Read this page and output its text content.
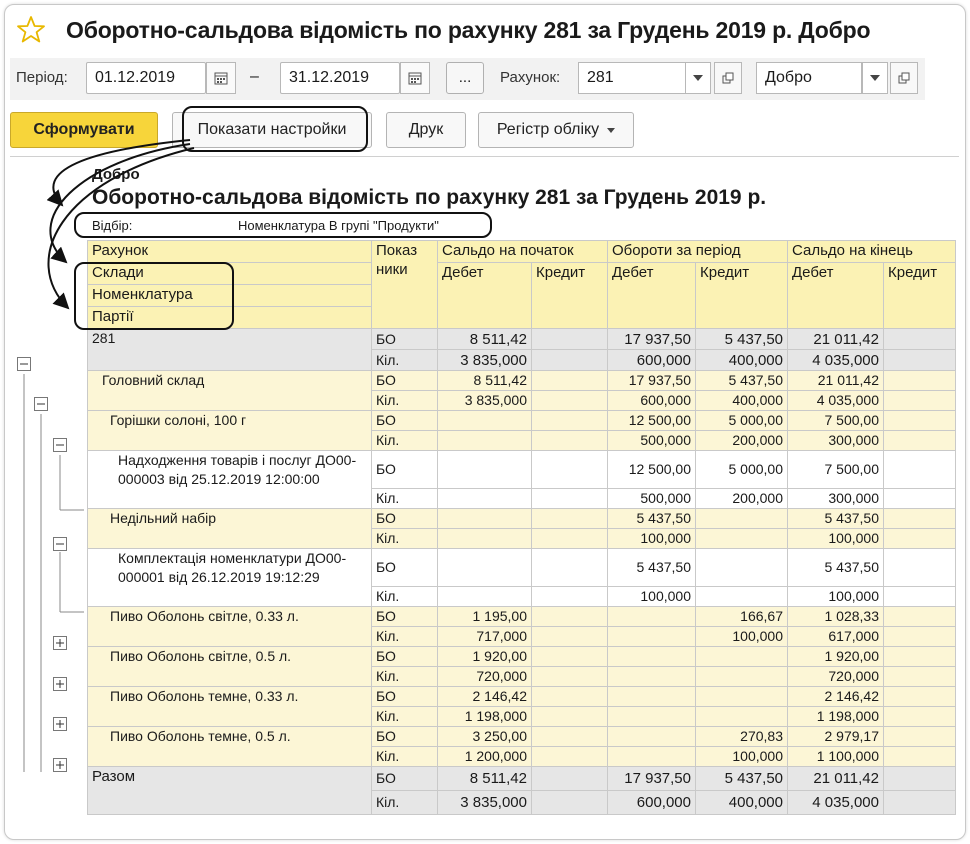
Оборотно-сальдова відомість по рахунку 281 за Грудень 2019 р. Добро
Період:	01.12.2019	–	31.12.2019	...	Рахунок:	281	Добро
Сформувати	Показати настройки	Друк	Регістр обліку
Добро
Оборотно-сальдова відомість по рахунку 281 за Грудень 2019 р.
Відбір:	Номенклатура В групі "Продукти"
Рахунок	Показ ники	Сальдо на початок		Обороти за період		Сальдо на кінець	
Склади		Дебет	Кредит	Дебет	Кредит	Дебет	Кредит
Номенклатура							
Партії							
281	БО	8 511,42		17 937,50	5 437,50	21 011,42	
	Кіл.	3 835,000		600,000	400,000	4 035,000	
Головний склад	БО	8 511,42		17 937,50	5 437,50	21 011,42	
	Кіл.	3 835,000		600,000	400,000	4 035,000	
Горішки солоні, 100 г	БО			12 500,00	5 000,00	7 500,00	
	Кіл.			500,000	200,000	300,000	
Надходження товарів і послуг ДО00-000003 від 25.12.2019 12:00:00	БО			12 500,00	5 000,00	7 500,00	
	Кіл.			500,000	200,000	300,000	
Недільний набір	БО			5 437,50		5 437,50	
	Кіл.			100,000		100,000	
Комплектація номенклатури ДО00-000001 від 26.12.2019 19:12:29	БО			5 437,50		5 437,50	
	Кіл.			100,000		100,000	
Пиво Оболонь світле, 0.33 л.	БО	1 195,00			166,67	1 028,33	
	Кіл.	717,000			100,000	617,000	
Пиво Оболонь світле, 0.5 л.	БО	1 920,00				1 920,00	
	Кіл.	720,000				720,000	
Пиво Оболонь темне, 0.33 л.	БО	2 146,42				2 146,42	
	Кіл.	1 198,000				1 198,000	
Пиво Оболонь темне, 0.5 л.	БО	3 250,00			270,83	2 979,17	
	Кіл.	1 200,000			100,000	1 100,000	
Разом	БО	8 511,42		17 937,50	5 437,50	21 011,42	
	Кіл.	3 835,000		600,000	400,000	4 035,000	
